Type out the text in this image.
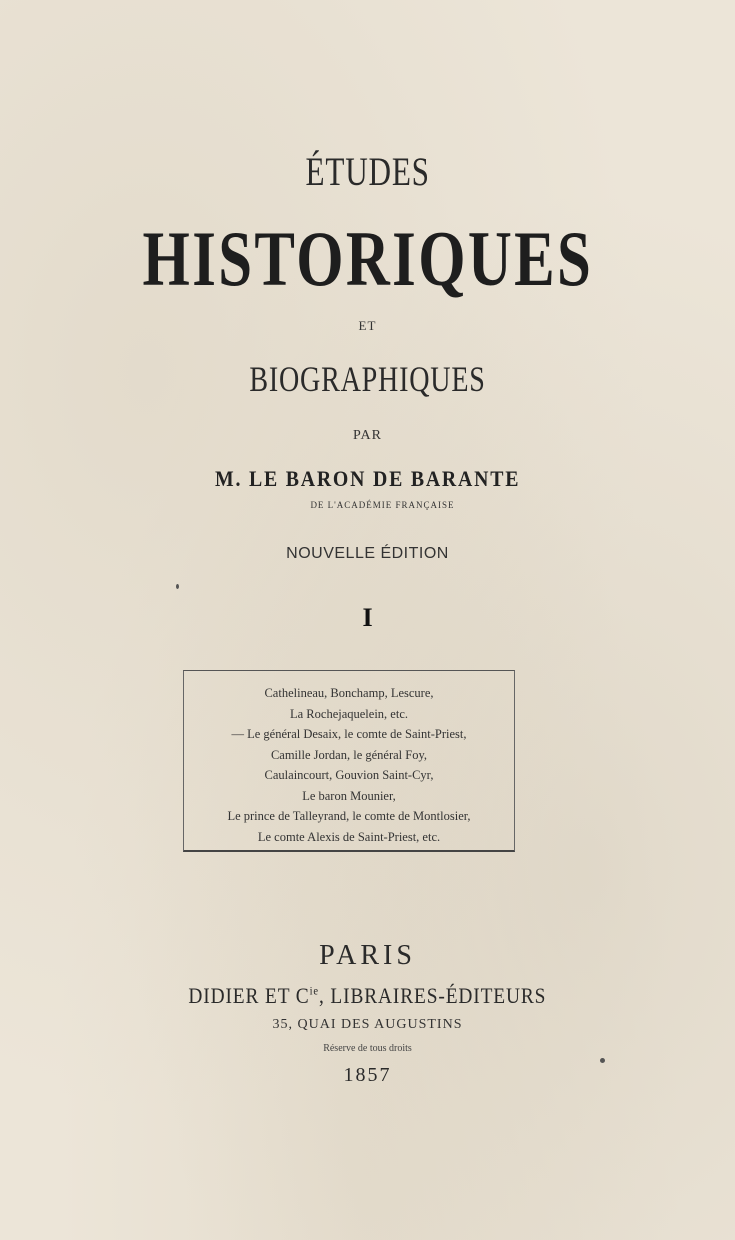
ÉTUDES
HISTORIQUES
ET
BIOGRAPHIQUES
PAR
M. LE BARON DE BARANTE
DE L'ACADÉMIE FRANÇAISE
NOUVELLE ÉDITION
I
Cathelineau, Bonchamp, Lescure,
La Rochejaquelein, etc.
— Le général Desaix, le comte de Saint-Priest,
Camille Jordan, le général Foy,
Caulaincourt, Gouvion Saint-Cyr,
Le baron Mounier,
Le prince de Talleyrand, le comte de Montlosier,
Le comte Alexis de Saint-Priest, etc.
PARIS
DIDIER ET $C^{ie}$, LIBRAIRES-ÉDITEURS
35, QUAI DES AUGUSTINS
Réserve de tous droits
1857
